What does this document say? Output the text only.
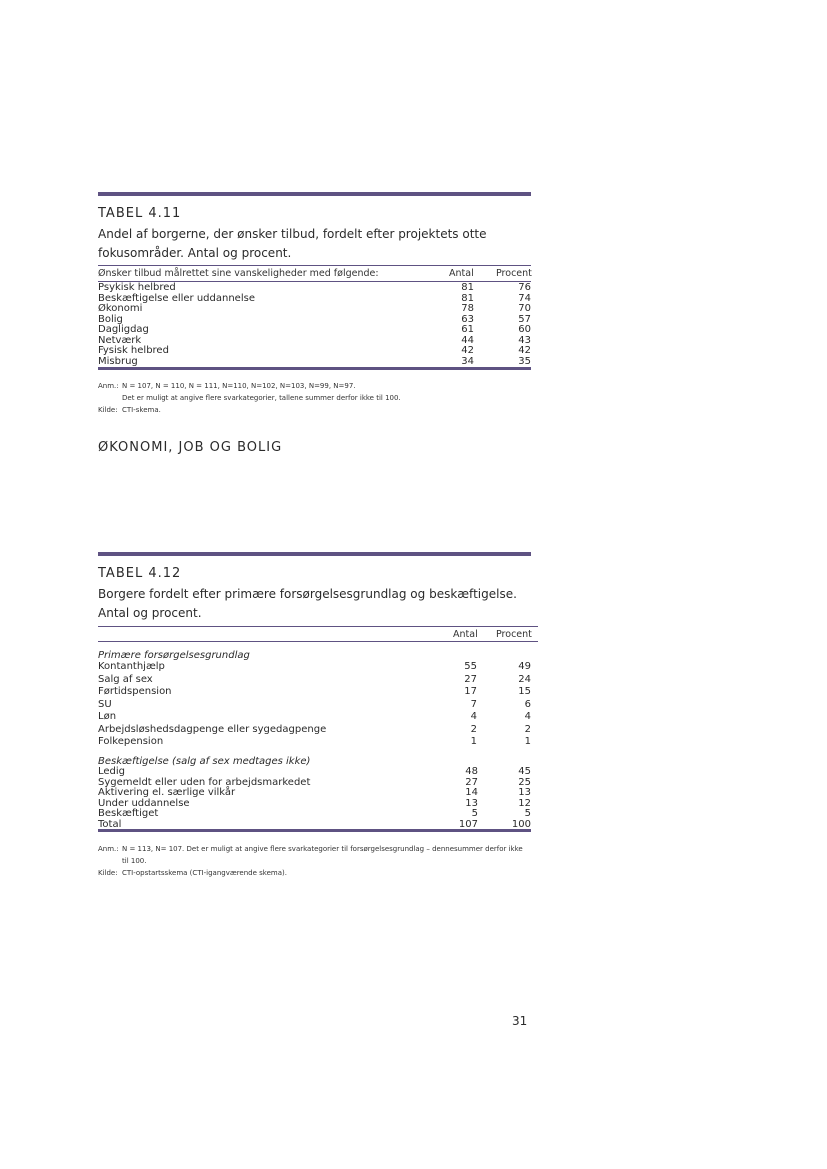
TABEL 4.11
Andel af borgerne, der ønsker tilbud, fordelt efter projektets otte fokusområder. Antal og procent.
Ønsker tilbud målrettet sine vanskeligheder med følgende:	Antal Procent
Psykisk helbred	81	76
Beskæftigelse eller uddannelse	81	74
Økonomi	78	70
Bolig	63	57
Dagligdag	61	60
Netværk	44	43
Fysisk helbred	42	42
Misbrug	34	35
Anm.: N = 107, N = 110, N = 111, N=110, N=102, N=103, N=99, N=97.
Det er muligt at angive flere svarkategorier, tallene summer derfor ikke til 100.
Kilde: CTI-skema.
ØKONOMI, JOB OG BOLIG
TABEL 4.12
Borgere fordelt efter primære forsørgelsesgrundlag og beskæftigelse. Antal og procent.
Antal Procent
Primære forsørgelsesgrundlag
Kontanthjælp	55	49
Salg af sex	27	24
Førtidspension	17	15
SU	7	6
Løn	4	4
Arbejdsløshedsdagpenge eller sygedagpenge	2	2
Folkepension	1	1
Beskæftigelse (salg af sex medtages ikke)
Ledig	48	45
Sygemeldt eller uden for arbejdsmarkedet	27	25
Aktivering el. særlige vilkår	14	13
Under uddannelse	13	12
Beskæftiget	5	5
Total	107	100
Anm.: N = 113, N= 107. Det er muligt at angive flere svarkategorier til forsørgelsesgrundlag – dennesummer derfor ikke
til 100.
Kilde: CTI-opstartsskema (CTI-igangværende skema).
31
